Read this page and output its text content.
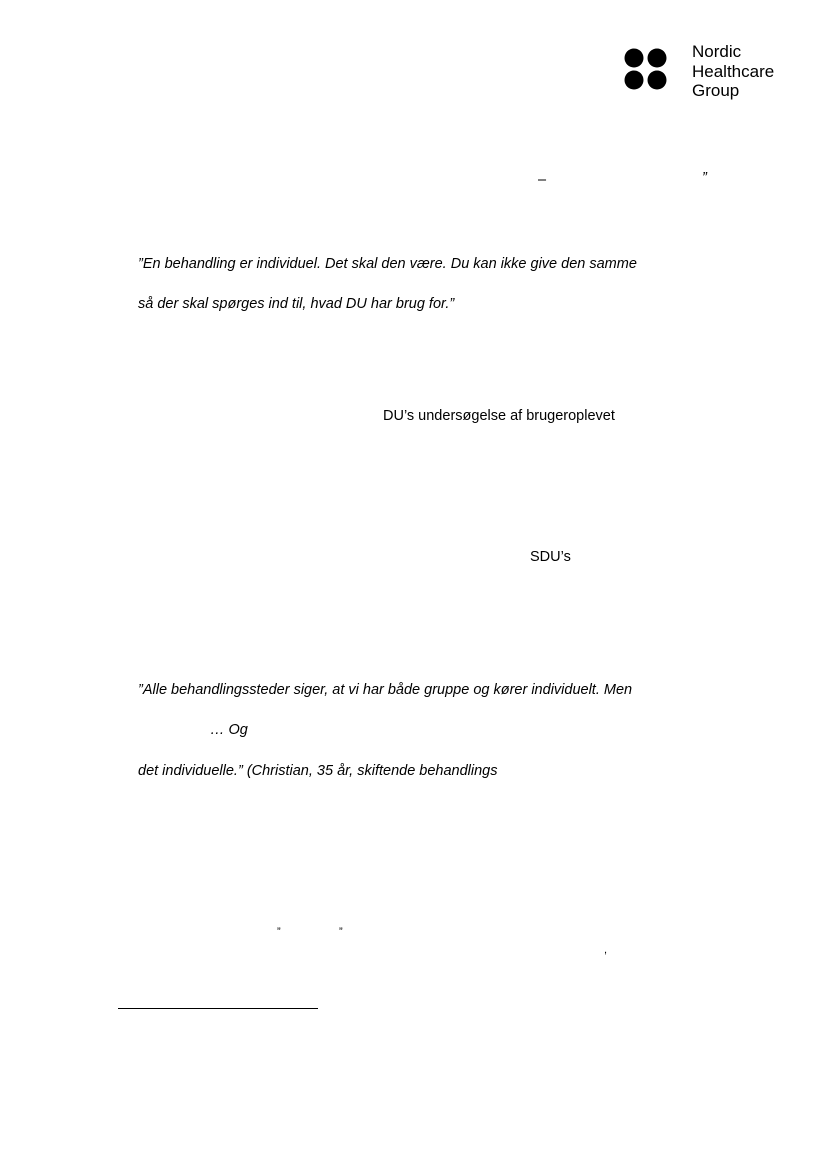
Nordic
Healthcare
Group
–	”
”En behandling er individuel. Det skal den være. Du kan ikke give den samme
så der skal spørges ind til, hvad DU har brug for.”
DU’s undersøgelse af brugeroplevet
SDU’s
”Alle behandlingssteder siger, at vi har både gruppe og kører individuelt. Men
… Og
det individuelle.” (Christian, 35 år, skiftende behandlings
”	”
,
